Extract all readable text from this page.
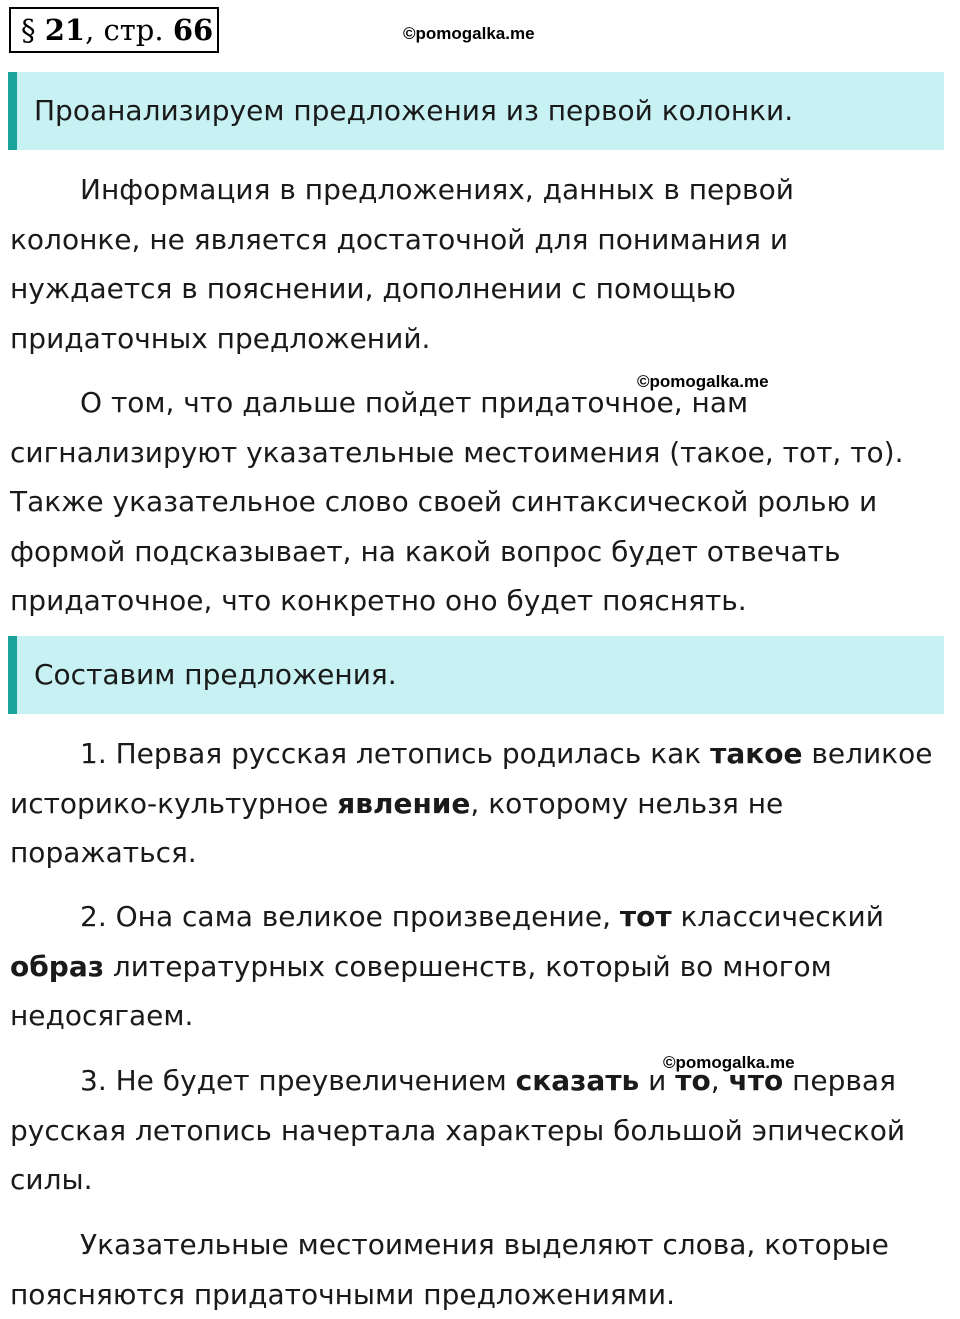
§ 21, стр. 66	©pomogalka.me
Проанализируем предложения из первой колонки.

Информация в предложениях, данных в первой
колонке, не является достаточной для понимания и
нуждается в пояснении, дополнении с помощью
придаточных предложений.

О том, что дальше пойдет придаточное, нам
сигнализируют указательные местоимения (такое, тот, то).
Также указательное слово своей синтаксической ролью и
формой подсказывает, на какой вопрос будет отвечать
придаточное, что конкретно оно будет пояснять.

©pomogalka.me
Составим предложения.

1. Первая русская летопись родилась как такое великое
историко-культурное явление, которому нельзя не
поражаться.

2. Она сама великое произведение, тот классический
образ литературных совершенств, который во многом
недосягаем.

©pomogalka.me

3. Не будет преувеличением сказать и то, что первая
русская летопись начертала характеры большой эпической
силы.

Указательные местоимения выделяют слова, которые
поясняются придаточными предложениями.
